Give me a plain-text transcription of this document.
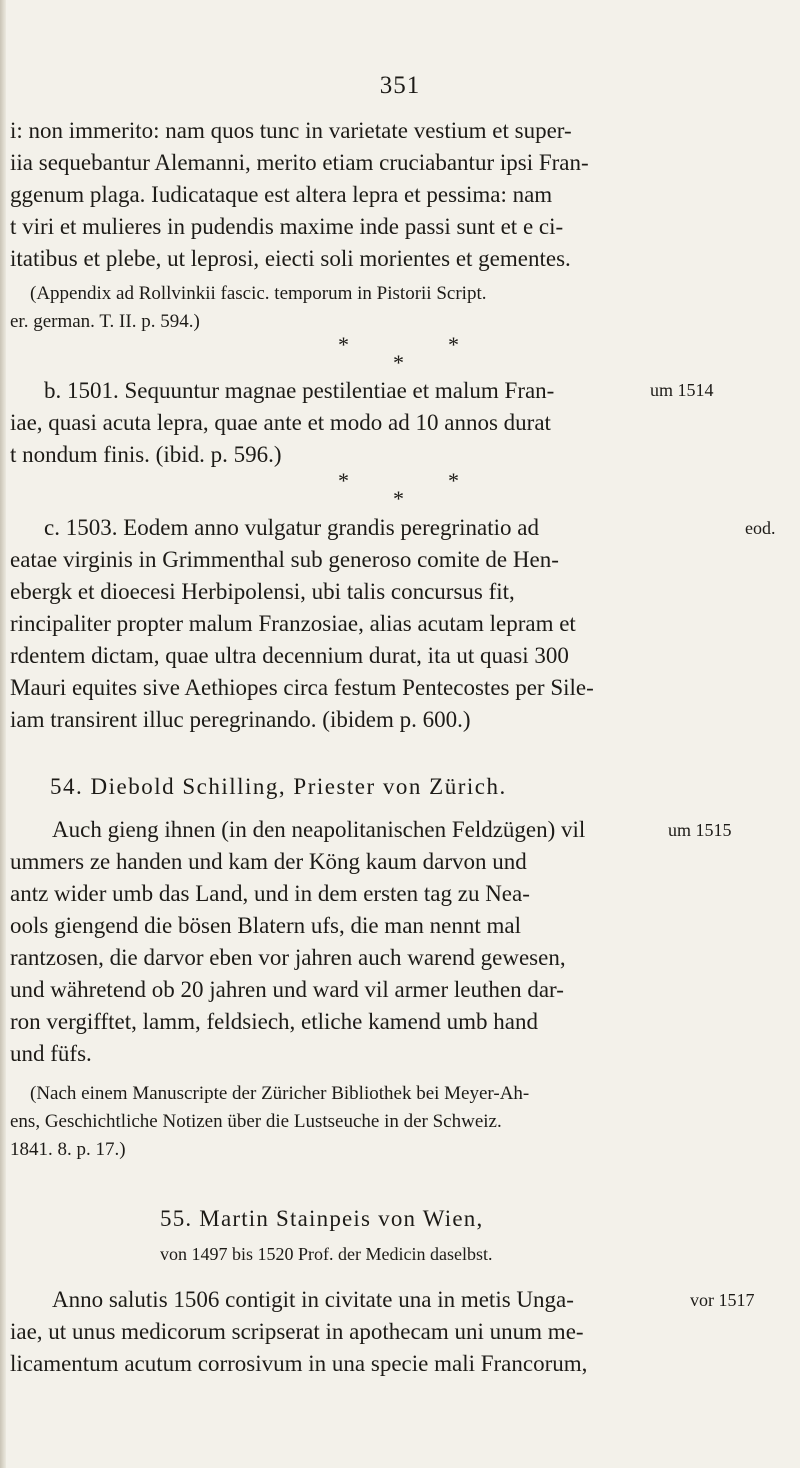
351
i: non immerito: nam quos tunc in varietate vestium et super-
iia sequebantur Alemanni, merito etiam cruciabantur ipsi Fran-
ggenum plaga. Iudicataque est altera lepra et pessima: nam
t viri et mulieres in pudendis maxime inde passi sunt et e ci-
itatibus et plebe, ut leprosi, eiecti soli morientes et gementes.
(Appendix ad Rollvinkii fascic. temporum in Pistorii Script.
er. german. T. II. p. 594.)
*	*
*
b. 1501. Sequuntur magnae pestilentiae et malum Fran-	um 1514
iae, quasi acuta lepra, quae ante et modo ad 10 annos durat
t nondum finis. (ibid. p. 596.)
*	*
*
c. 1503. Eodem anno vulgatur grandis peregrinatio ad	eod.
eatae virginis in Grimmenthal sub generoso comite de Hen-
ebergk et dioecesi Herbipolensi, ubi talis concursus fit,
rincipaliter propter malum Franzosiae, alias acutam lepram et
rdentem dictam, quae ultra decennium durat, ita ut quasi 300
Mauri equites sive Aethiopes circa festum Pentecostes per Sile-
iam transirent illuc peregrinando. (ibidem p. 600.)
54. Diebold Schilling, Priester von Zürich.
Auch gieng ihnen (in den neapolitanischen Feldzügen) vil	um 1515
ummers ze handen und kam der Köng kaum darvon und
antz wider umb das Land, und in dem ersten tag zu Nea-
ools giengend die bösen Blatern ufs, die man nennt mal
rantzosen, die darvor eben vor jahren auch warend gewesen,
und währetend ob 20 jahren und ward vil armer leuthen dar-
ron vergifftet, lamm, feldsiech, etliche kamend umb hand
und füfs.
(Nach einem Manuscripte der Züricher Bibliothek bei Meyer-Ah-
ens, Geschichtliche Notizen über die Lustseuche in der Schweiz.
1841. 8. p. 17.)
55. Martin Stainpeis von Wien,
von 1497 bis 1520 Prof. der Medicin daselbst.
Anno salutis 1506 contigit in civitate una in metis Unga-	vor 1517
iae, ut unus medicorum scripserat in apothecam uni unum me-
licamentum acutum corrosivum in una specie mali Francorum,
